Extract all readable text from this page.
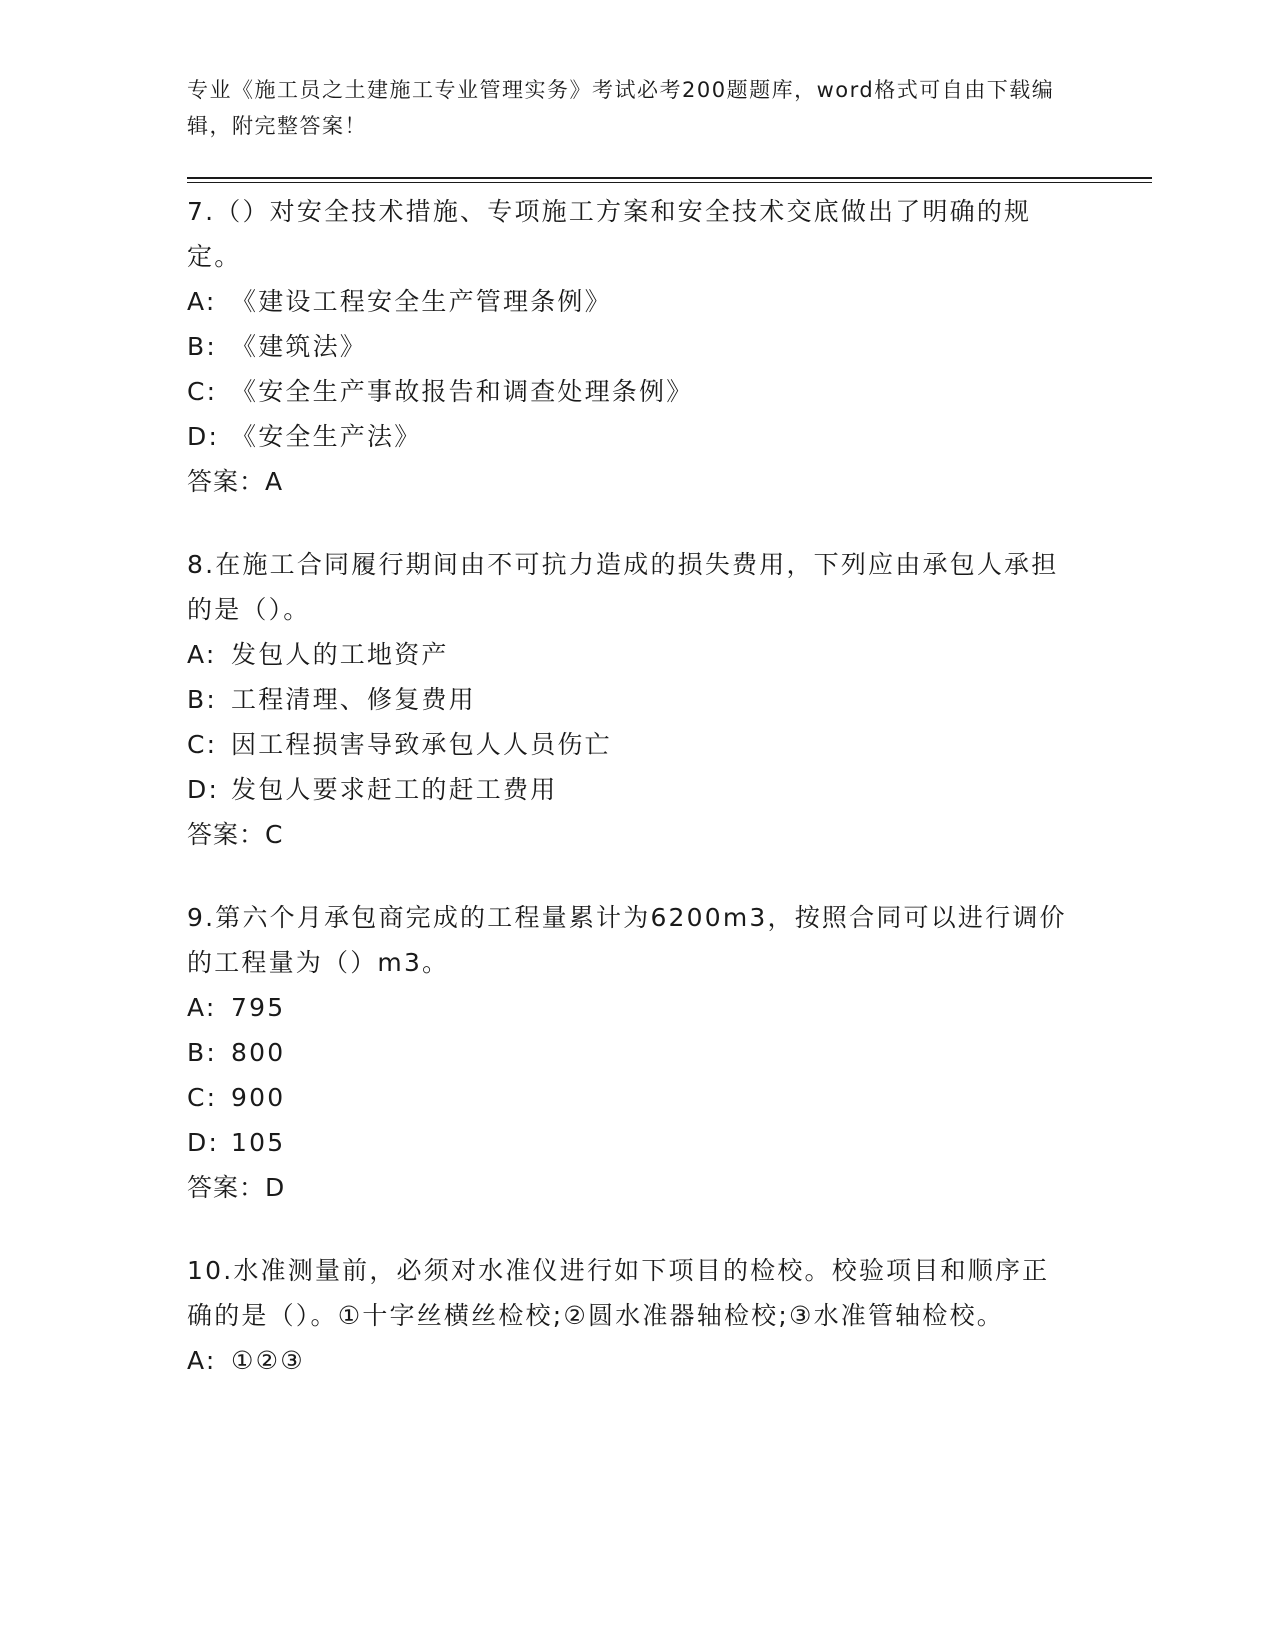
专业《施工员之土建施工专业管理实务》考试必考200题题库，word格式可自由下载编辑，附完整答案！
7.（）对安全技术措施、专项施工方案和安全技术交底做出了明确的规定。
A: 《建设工程安全生产管理条例》
B: 《建筑法》
C: 《安全生产事故报告和调查处理条例》
D: 《安全生产法》
答案：A
8.在施工合同履行期间由不可抗力造成的损失费用，下列应由承包人承担的是（）。
A: 发包人的工地资产
B: 工程清理、修复费用
C: 因工程损害导致承包人人员伤亡
D: 发包人要求赶工的赶工费用
答案：C
9.第六个月承包商完成的工程量累计为6200m3，按照合同可以进行调价的工程量为（）m3。
A: 795
B: 800
C: 900
D: 105
答案：D
10.水准测量前，必须对水准仪进行如下项目的检校。校验项目和顺序正确的是（）。①十字丝横丝检校;②圆水准器轴检校;③水准管轴检校。
A: ①②③
